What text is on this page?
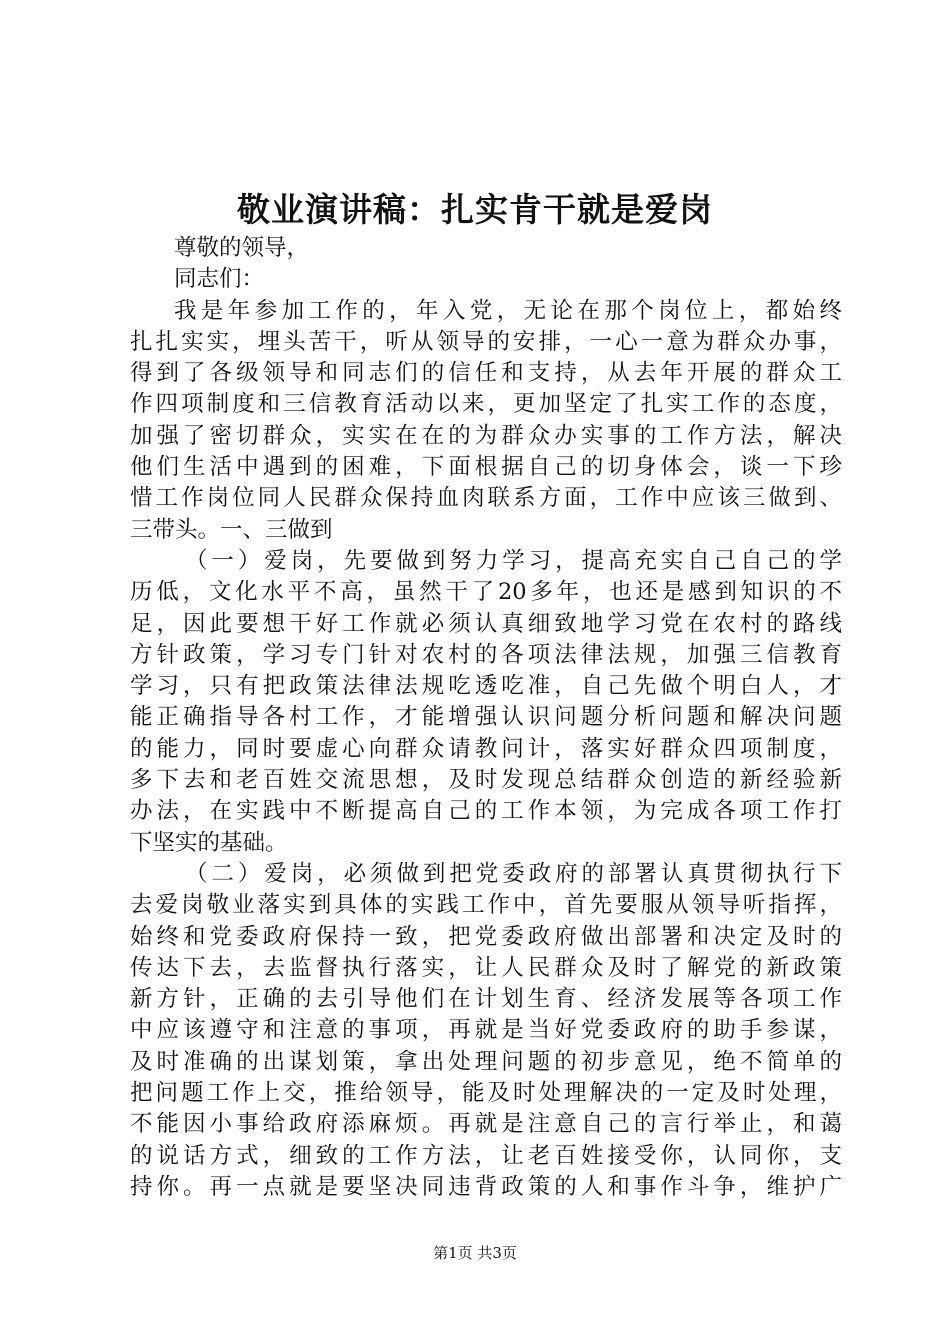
敬业演讲稿：扎实肯干就是爱岗
尊敬的领导，
同志们：
我是年参加工作的，年入党，无论在那个岗位上，都始终
扎扎实实，埋头苦干，听从领导的安排，一心一意为群众办事，
得到了各级领导和同志们的信任和支持，从去年开展的群众工
作四项制度和三信教育活动以来，更加坚定了扎实工作的态度，
加强了密切群众，实实在在的为群众办实事的工作方法，解决
他们生活中遇到的困难，下面根据自己的切身体会，谈一下珍
惜工作岗位同人民群众保持血肉联系方面，工作中应该三做到、
三带头。一、三做到
（一）爱岗，先要做到努力学习，提高充实自己自己的学
历低，文化水平不高，虽然干了20多年，也还是感到知识的不
足，因此要想干好工作就必须认真细致地学习党在农村的路线
方针政策，学习专门针对农村的各项法律法规，加强三信教育
学习，只有把政策法律法规吃透吃准，自己先做个明白人，才
能正确指导各村工作，才能增强认识问题分析问题和解决问题
的能力，同时要虚心向群众请教问计，落实好群众四项制度，
多下去和老百姓交流思想，及时发现总结群众创造的新经验新
办法，在实践中不断提高自己的工作本领，为完成各项工作打
下坚实的基础。
（二）爱岗，必须做到把党委政府的部署认真贯彻执行下
去爱岗敬业落实到具体的实践工作中，首先要服从领导听指挥，
始终和党委政府保持一致，把党委政府做出部署和决定及时的
传达下去，去监督执行落实，让人民群众及时了解党的新政策
新方针，正确的去引导他们在计划生育、经济发展等各项工作
中应该遵守和注意的事项，再就是当好党委政府的助手参谋，
及时准确的出谋划策，拿出处理问题的初步意见，绝不简单的
把问题工作上交，推给领导，能及时处理解决的一定及时处理，
不能因小事给政府添麻烦。再就是注意自己的言行举止，和蔼
的说话方式，细致的工作方法，让老百姓接受你，认同你，支
持你。再一点就是要坚决同违背政策的人和事作斗争，维护广
第1页 共3页
